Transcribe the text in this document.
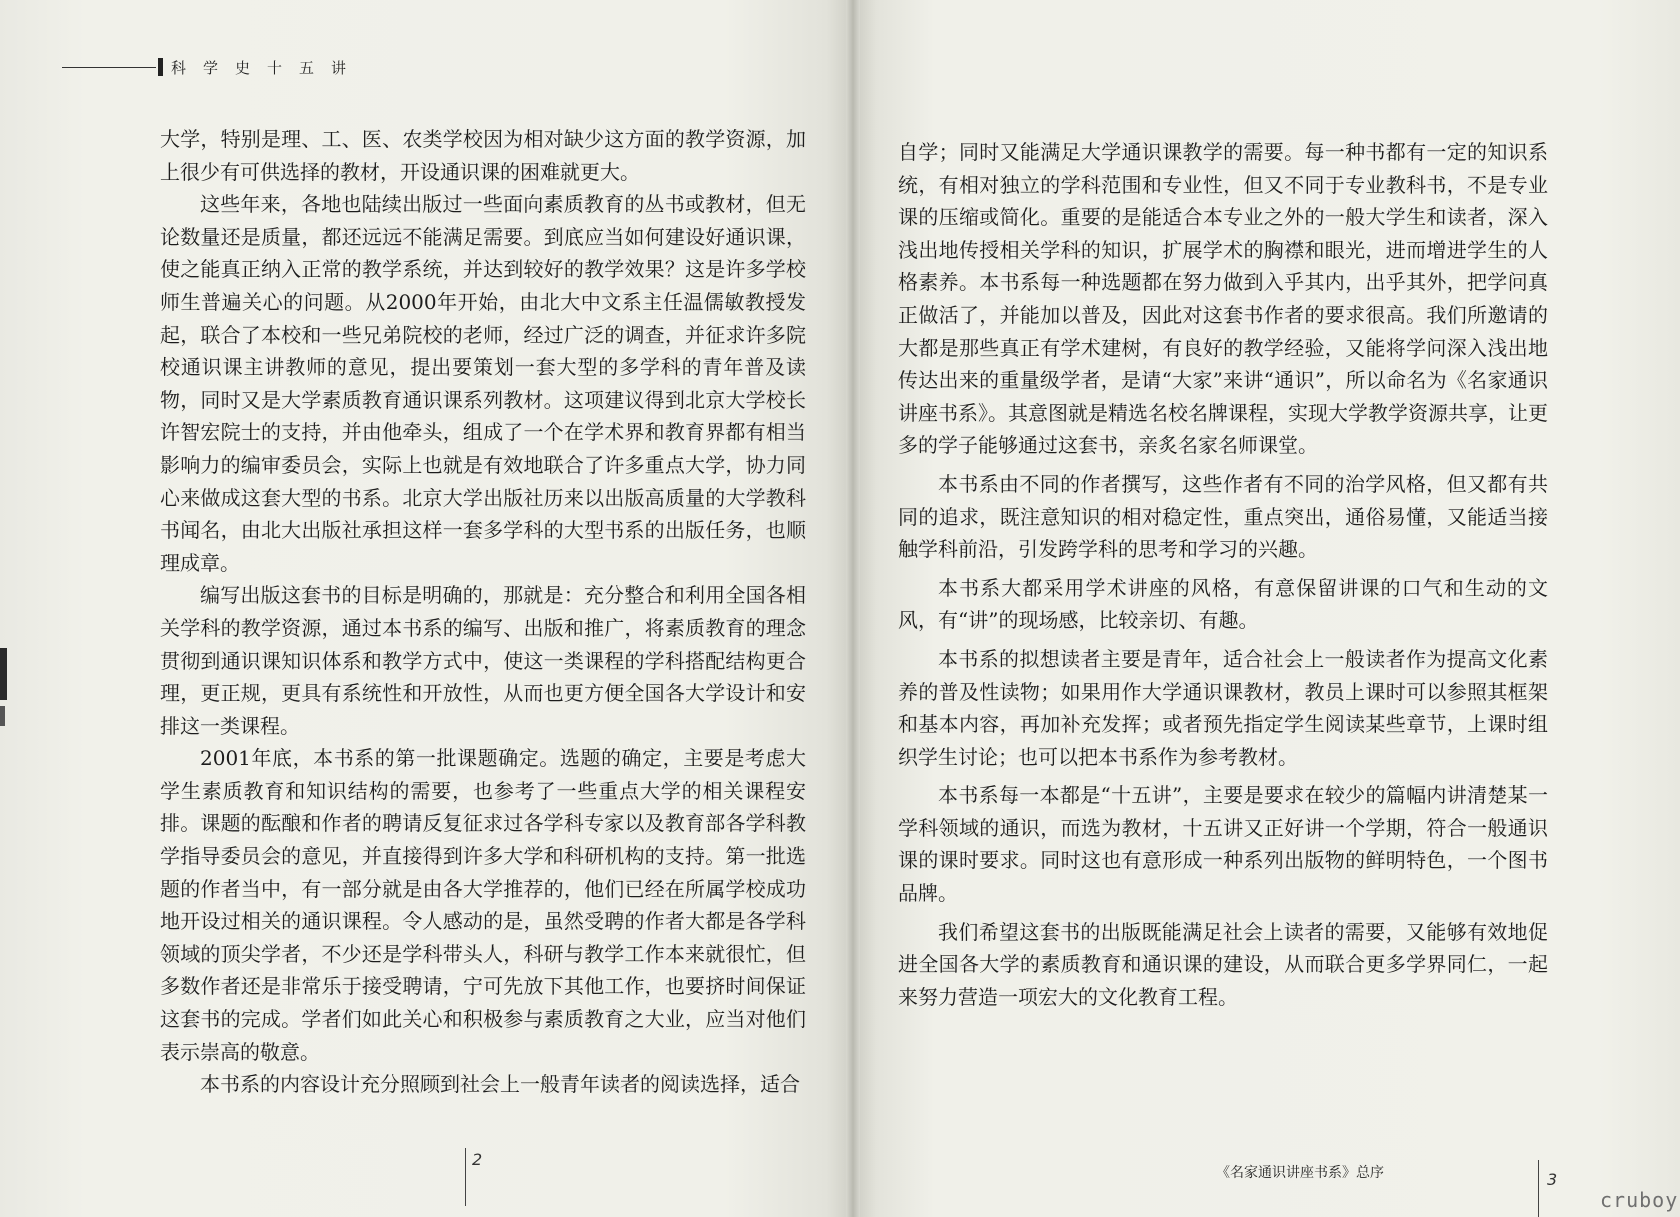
科学史十五讲

大学，特别是理、工、医、农类学校因为相对缺少这方面的教学资源，加上很少有可供选择的教材，开设通识课的困难就更大。

这些年来，各地也陆续出版过一些面向素质教育的丛书或教材，但无论数量还是质量，都还远远不能满足需要。到底应当如何建设好通识课，使之能真正纳入正常的教学系统，并达到较好的教学效果？这是许多学校师生普遍关心的问题。从2000年开始，由北大中文系主任温儒敏教授发起，联合了本校和一些兄弟院校的老师，经过广泛的调查，并征求许多院校通识课主讲教师的意见，提出要策划一套大型的多学科的青年普及读物，同时又是大学素质教育通识课系列教材。这项建议得到北京大学校长许智宏院士的支持，并由他牵头，组成了一个在学术界和教育界都有相当影响力的编审委员会，实际上也就是有效地联合了许多重点大学，协力同心来做成这套大型的书系。北京大学出版社历来以出版高质量的大学教科书闻名，由北大出版社承担这样一套多学科的大型书系的出版任务，也顺理成章。

编写出版这套书的目标是明确的，那就是：充分整合和利用全国各相关学科的教学资源，通过本书系的编写、出版和推广，将素质教育的理念贯彻到通识课知识体系和教学方式中，使这一类课程的学科搭配结构更合理，更正规，更具有系统性和开放性，从而也更方便全国各大学设计和安排这一类课程。

2001年底，本书系的第一批课题确定。选题的确定，主要是考虑大学生素质教育和知识结构的需要，也参考了一些重点大学的相关课程安排。课题的酝酿和作者的聘请反复征求过各学科专家以及教育部各学科教学指导委员会的意见，并直接得到许多大学和科研机构的支持。第一批选题的作者当中，有一部分就是由各大学推荐的，他们已经在所属学校成功地开设过相关的通识课程。令人感动的是，虽然受聘的作者大都是各学科领域的顶尖学者，不少还是学科带头人，科研与教学工作本来就很忙，但多数作者还是非常乐于接受聘请，宁可先放下其他工作，也要挤时间保证这套书的完成。学者们如此关心和积极参与素质教育之大业，应当对他们表示崇高的敬意。

本书系的内容设计充分照顾到社会上一般青年读者的阅读选择，适合

2

自学；同时又能满足大学通识课教学的需要。每一种书都有一定的知识系统，有相对独立的学科范围和专业性，但又不同于专业教科书，不是专业课的压缩或简化。重要的是能适合本专业之外的一般大学生和读者，深入浅出地传授相关学科的知识，扩展学术的胸襟和眼光，进而增进学生的人格素养。本书系每一种选题都在努力做到入乎其内，出乎其外，把学问真正做活了，并能加以普及，因此对这套书作者的要求很高。我们所邀请的大都是那些真正有学术建树，有良好的教学经验，又能将学问深入浅出地传达出来的重量级学者，是请“大家”来讲“通识”，所以命名为《名家通识讲座书系》。其意图就是精选名校名牌课程，实现大学教学资源共享，让更多的学子能够通过这套书，亲炙名家名师课堂。

本书系由不同的作者撰写，这些作者有不同的治学风格，但又都有共同的追求，既注意知识的相对稳定性，重点突出，通俗易懂，又能适当接触学科前沿，引发跨学科的思考和学习的兴趣。

本书系大都采用学术讲座的风格，有意保留讲课的口气和生动的文风，有“讲”的现场感，比较亲切、有趣。

本书系的拟想读者主要是青年，适合社会上一般读者作为提高文化素养的普及性读物；如果用作大学通识课教材，教员上课时可以参照其框架和基本内容，再加补充发挥；或者预先指定学生阅读某些章节，上课时组织学生讨论；也可以把本书系作为参考教材。

本书系每一本都是“十五讲”，主要是要求在较少的篇幅内讲清楚某一学科领域的通识，而选为教材，十五讲又正好讲一个学期，符合一般通识课的课时要求。同时这也有意形成一种系列出版物的鲜明特色，一个图书品牌。

我们希望这套书的出版既能满足社会上读者的需要，又能够有效地促进全国各大学的素质教育和通识课的建设，从而联合更多学界同仁，一起来努力营造一项宏大的文化教育工程。

《名家通识讲座书系》总序	3
cruboy
